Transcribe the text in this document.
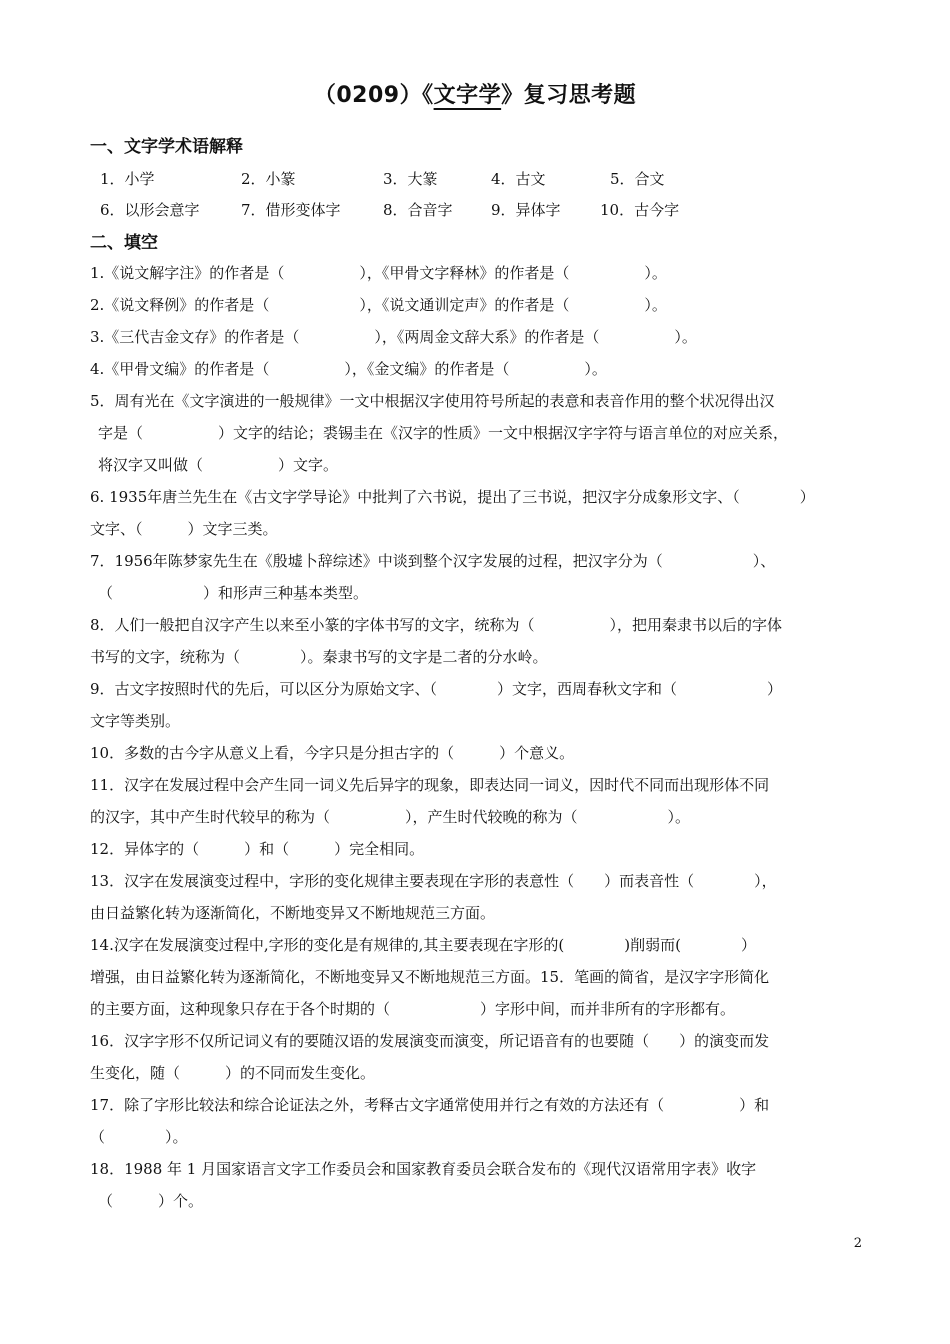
（0209）《文字学》复习思考题
一、文字学术语解释
1．小学	2．小篆	3．大篆	4．古文	5．合文
6．以形会意字	7．借形变体字	8．合音字	9．异体字	10．古今字
二、填空
1.《说文解字注》的作者是（　　　　　），《甲骨文字释林》的作者是（　　　　　）。
2.《说文释例》的作者是（　　　　　　），《说文通训定声》的作者是（　　　　　）。
3.《三代吉金文存》的作者是（　　　　　），《两周金文辞大系》的作者是（　　　　　）。
4.《甲骨文编》的作者是（　　　　　），《金文编》的作者是（　　　　　）。
5．周有光在《文字演进的一般规律》一文中根据汉字使用符号所起的表意和表音作用的整个状况得出汉
字是（　　　　　）文字的结论；裘锡圭在《汉字的性质》一文中根据汉字字符与语言单位的对应关系，
将汉字又叫做（　　　　　）文字。
6. 1935年唐兰先生在《古文字学导论》中批判了六书说，提出了三书说，把汉字分成象形文字、（　　　　）
文字、（　　　）文字三类。
7．1956年陈梦家先生在《殷墟卜辞综述》中谈到整个汉字发展的过程，把汉字分为（　　　　　　）、
（　　　　　　）和形声三种基本类型。
8．人们一般把自汉字产生以来至小篆的字体书写的文字，统称为（　　　　　），把用秦隶书以后的字体
书写的文字，统称为（　　　　）。秦隶书写的文字是二者的分水岭。
9．古文字按照时代的先后，可以区分为原始文字、（　　　　）文字，西周春秋文字和（　　　　　　）
文字等类别。
10．多数的古今字从意义上看，今字只是分担古字的（　　　）个意义。
11．汉字在发展过程中会产生同一词义先后异字的现象，即表达同一词义，因时代不同而出现形体不同
的汉字，其中产生时代较早的称为（　　　　　），产生时代较晚的称为（　　　　　　）。
12．异体字的（　　　）和（　　　）完全相同。
13．汉字在发展演变过程中，字形的变化规律主要表现在字形的表意性（　　）而表音性（　　　　），
由日益繁化转为逐渐简化，不断地变异又不断地规范三方面。
14.汉字在发展演变过程中,字形的变化是有规律的,其主要表现在字形的(　　　　)削弱而(　　　　）
增强，由日益繁化转为逐渐简化，不断地变异又不断地规范三方面。15．笔画的简省，是汉字字形简化
的主要方面，这种现象只存在于各个时期的（　　　　　　）字形中间，而并非所有的字形都有。
16．汉字字形不仅所记词义有的要随汉语的发展演变而演变，所记语音有的也要随（　　）的演变而发
生变化，随（　　　）的不同而发生变化。
17．除了字形比较法和综合论证法之外，考释古文字通常使用并行之有效的方法还有（　　　　　）和
（　　　　）。
18．1988 年 1 月国家语言文字工作委员会和国家教育委员会联合发布的《现代汉语常用字表》收字
（　　　）个。
2
